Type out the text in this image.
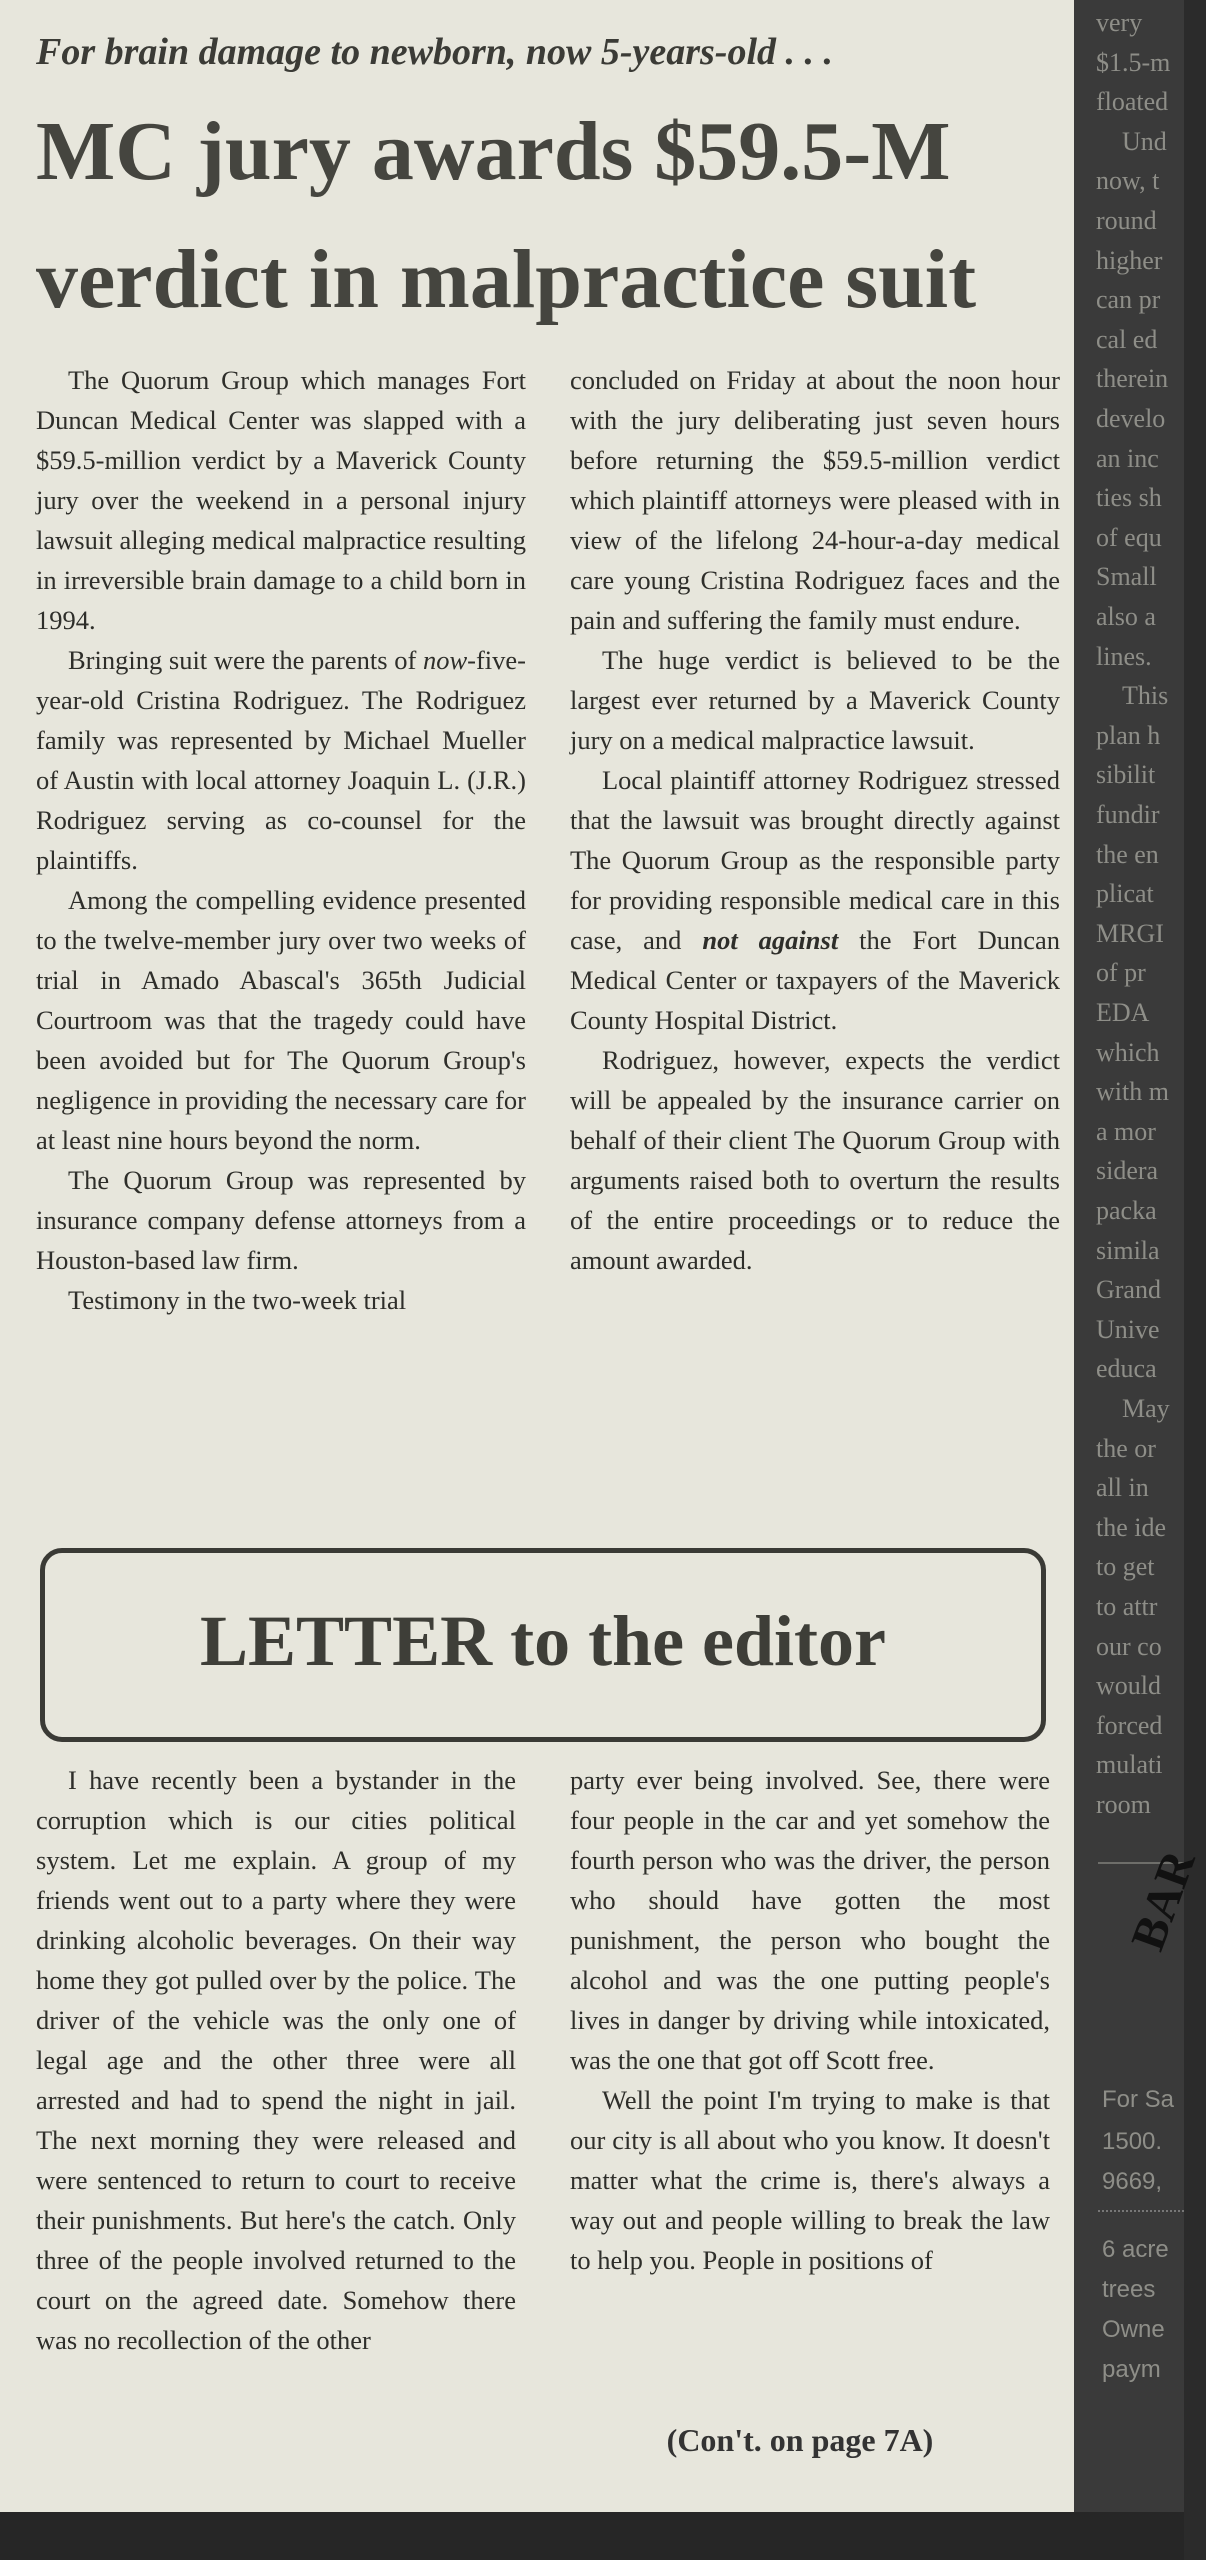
For brain damage to newborn, now 5-years-old . . .
MC jury awards $59.5-M
verdict in malpractice suit

The Quorum Group which manages Fort Duncan Medical Center was slapped with a $59.5-million verdict by a Maverick County jury over the weekend in a personal injury lawsuit alleging medical malpractice resulting in irreversible brain damage to a child born in 1994.

Bringing suit were the parents of now-five-year-old Cristina Rodriguez. The Rodriguez family was represented by Michael Mueller of Austin with local attorney Joaquin L. (J.R.) Rodriguez serving as co-counsel for the plaintiffs.

Among the compelling evidence presented to the twelve-member jury over two weeks of trial in Amado Abascal's 365th Judicial Courtroom was that the tragedy could have been avoided but for The Quorum Group's negligence in providing the necessary care for at least nine hours beyond the norm.

The Quorum Group was represented by insurance company defense attorneys from a Houston-based law firm.

Testimony in the two-week trial

concluded on Friday at about the noon hour with the jury deliberating just seven hours before returning the $59.5-million verdict which plaintiff attorneys were pleased with in view of the lifelong 24-hour-a-day medical care young Cristina Rodriguez faces and the pain and suffering the family must endure.

The huge verdict is believed to be the largest ever returned by a Maverick County jury on a medical malpractice lawsuit.

Local plaintiff attorney Rodriguez stressed that the lawsuit was brought directly against The Quorum Group as the responsible party for providing responsible medical care in this case, and not against the Fort Duncan Medical Center or taxpayers of the Maverick County Hospital District.

Rodriguez, however, expects the verdict will be appealed by the insurance carrier on behalf of their client The Quorum Group with arguments raised both to overturn the results of the entire proceedings or to reduce the amount awarded.

LETTER to the editor

I have recently been a bystander in the corruption which is our cities political system. Let me explain. A group of my friends went out to a party where they were drinking alcoholic beverages. On their way home they got pulled over by the police. The driver of the vehicle was the only one of legal age and the other three were all arrested and had to spend the night in jail. The next morning they were released and were sentenced to return to court to receive their punishments. But here's the catch. Only three of the people involved returned to the court on the agreed date. Somehow there was no recollection of the other

party ever being involved. See, there were four people in the car and yet somehow the fourth person who was the driver, the person who should have gotten the most punishment, the person who bought the alcohol and was the one putting people's lives in danger by driving while intoxicated, was the one that got off Scott free.

Well the point I'm trying to make is that our city is all about who you know. It doesn't matter what the crime is, there's always a way out and people willing to break the law to help you. People in positions of

(Con't. on page 7A)
very
$1.5-m
floated
Und
now, t
round
higher
can pr
cal ed
therein
develo
an inc
ties sh
of equ
Small
also a
lines.
This
plan h
sibilit
fundir
the en
plicat
MRGI
of pr
EDA
which
with m
a mor
sidera
packa
simila
Grand
Unive
educa
May
the or
all in
the ide
to get
to attr
our co
would
forced
mulati
room
BAR
For Sa
1500.
9669,
6 acre
trees
Owne
paym
